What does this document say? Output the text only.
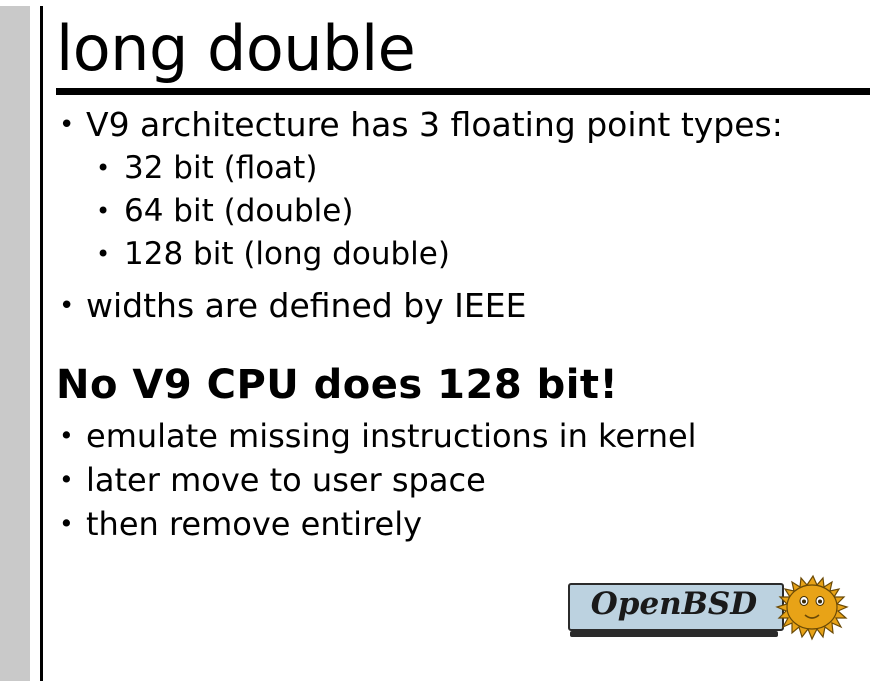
long double
• V9 architecture has 3 floating point types:
• 32 bit (float)
• 64 bit (double)
• 128 bit (long double)
• widths are defined by IEEE
No V9 CPU does 128 bit!
• emulate missing instructions in kernel
• later move to user space
• then remove entirely
OpenBSD
